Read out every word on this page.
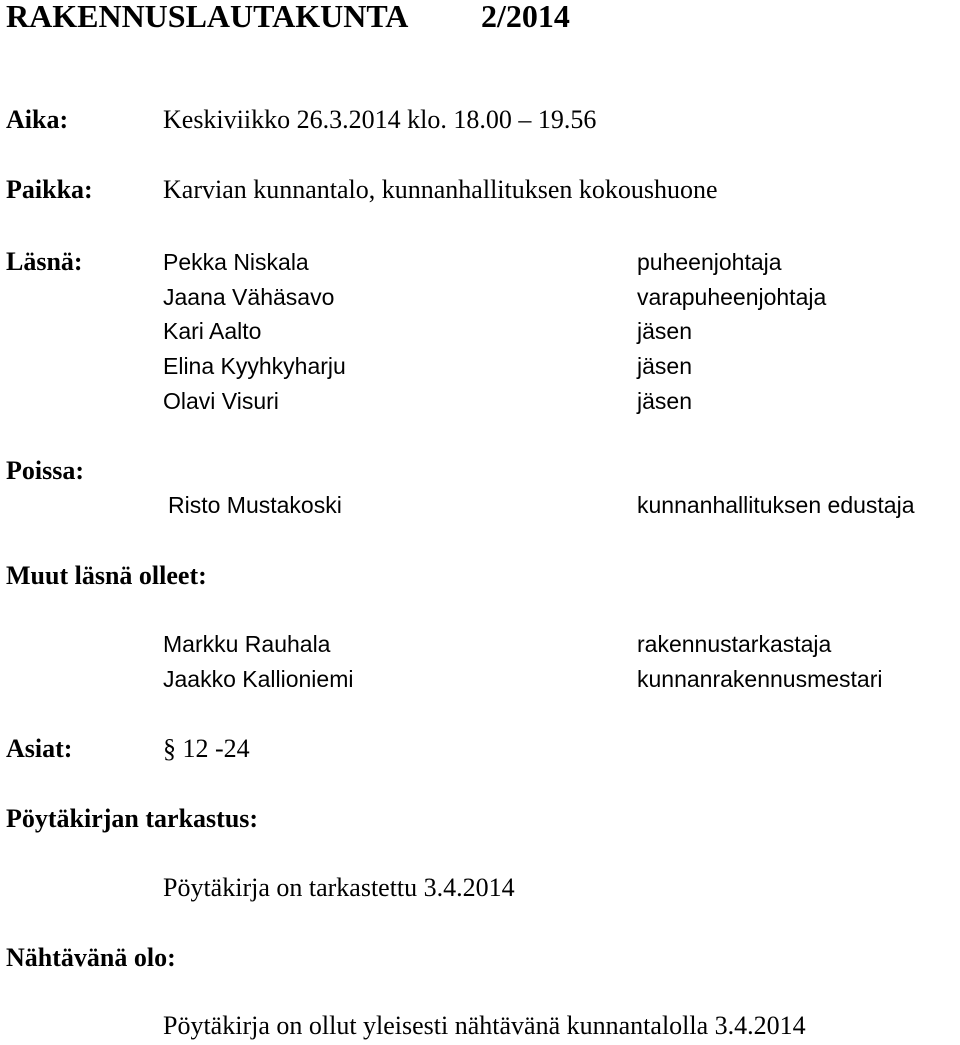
RAKENNUSLAUTAKUNTA 2/2014
Aika:	Keskiviikko 26.3.2014 klo. 18.00 – 19.56
Paikka:	Karvian kunnantalo, kunnanhallituksen kokoushuone
Läsnä:	Pekka Niskala	puheenjohtaja
Jaana Vähäsavo	varapuheenjohtaja
Kari Aalto	jäsen
Elina Kyyhkyharju	jäsen
Olavi Visuri	jäsen
Poissa:
Risto Mustakoski	kunnanhallituksen edustaja
Muut läsnä olleet:
Markku Rauhala	rakennustarkastaja
Jaakko Kallioniemi	kunnanrakennusmestari
Asiat:	§ 12 -24
Pöytäkirjan tarkastus:
Pöytäkirja on tarkastettu 3.4.2014
Nähtävänä olo:
Pöytäkirja on ollut yleisesti nähtävänä kunnantalolla 3.4.2014
